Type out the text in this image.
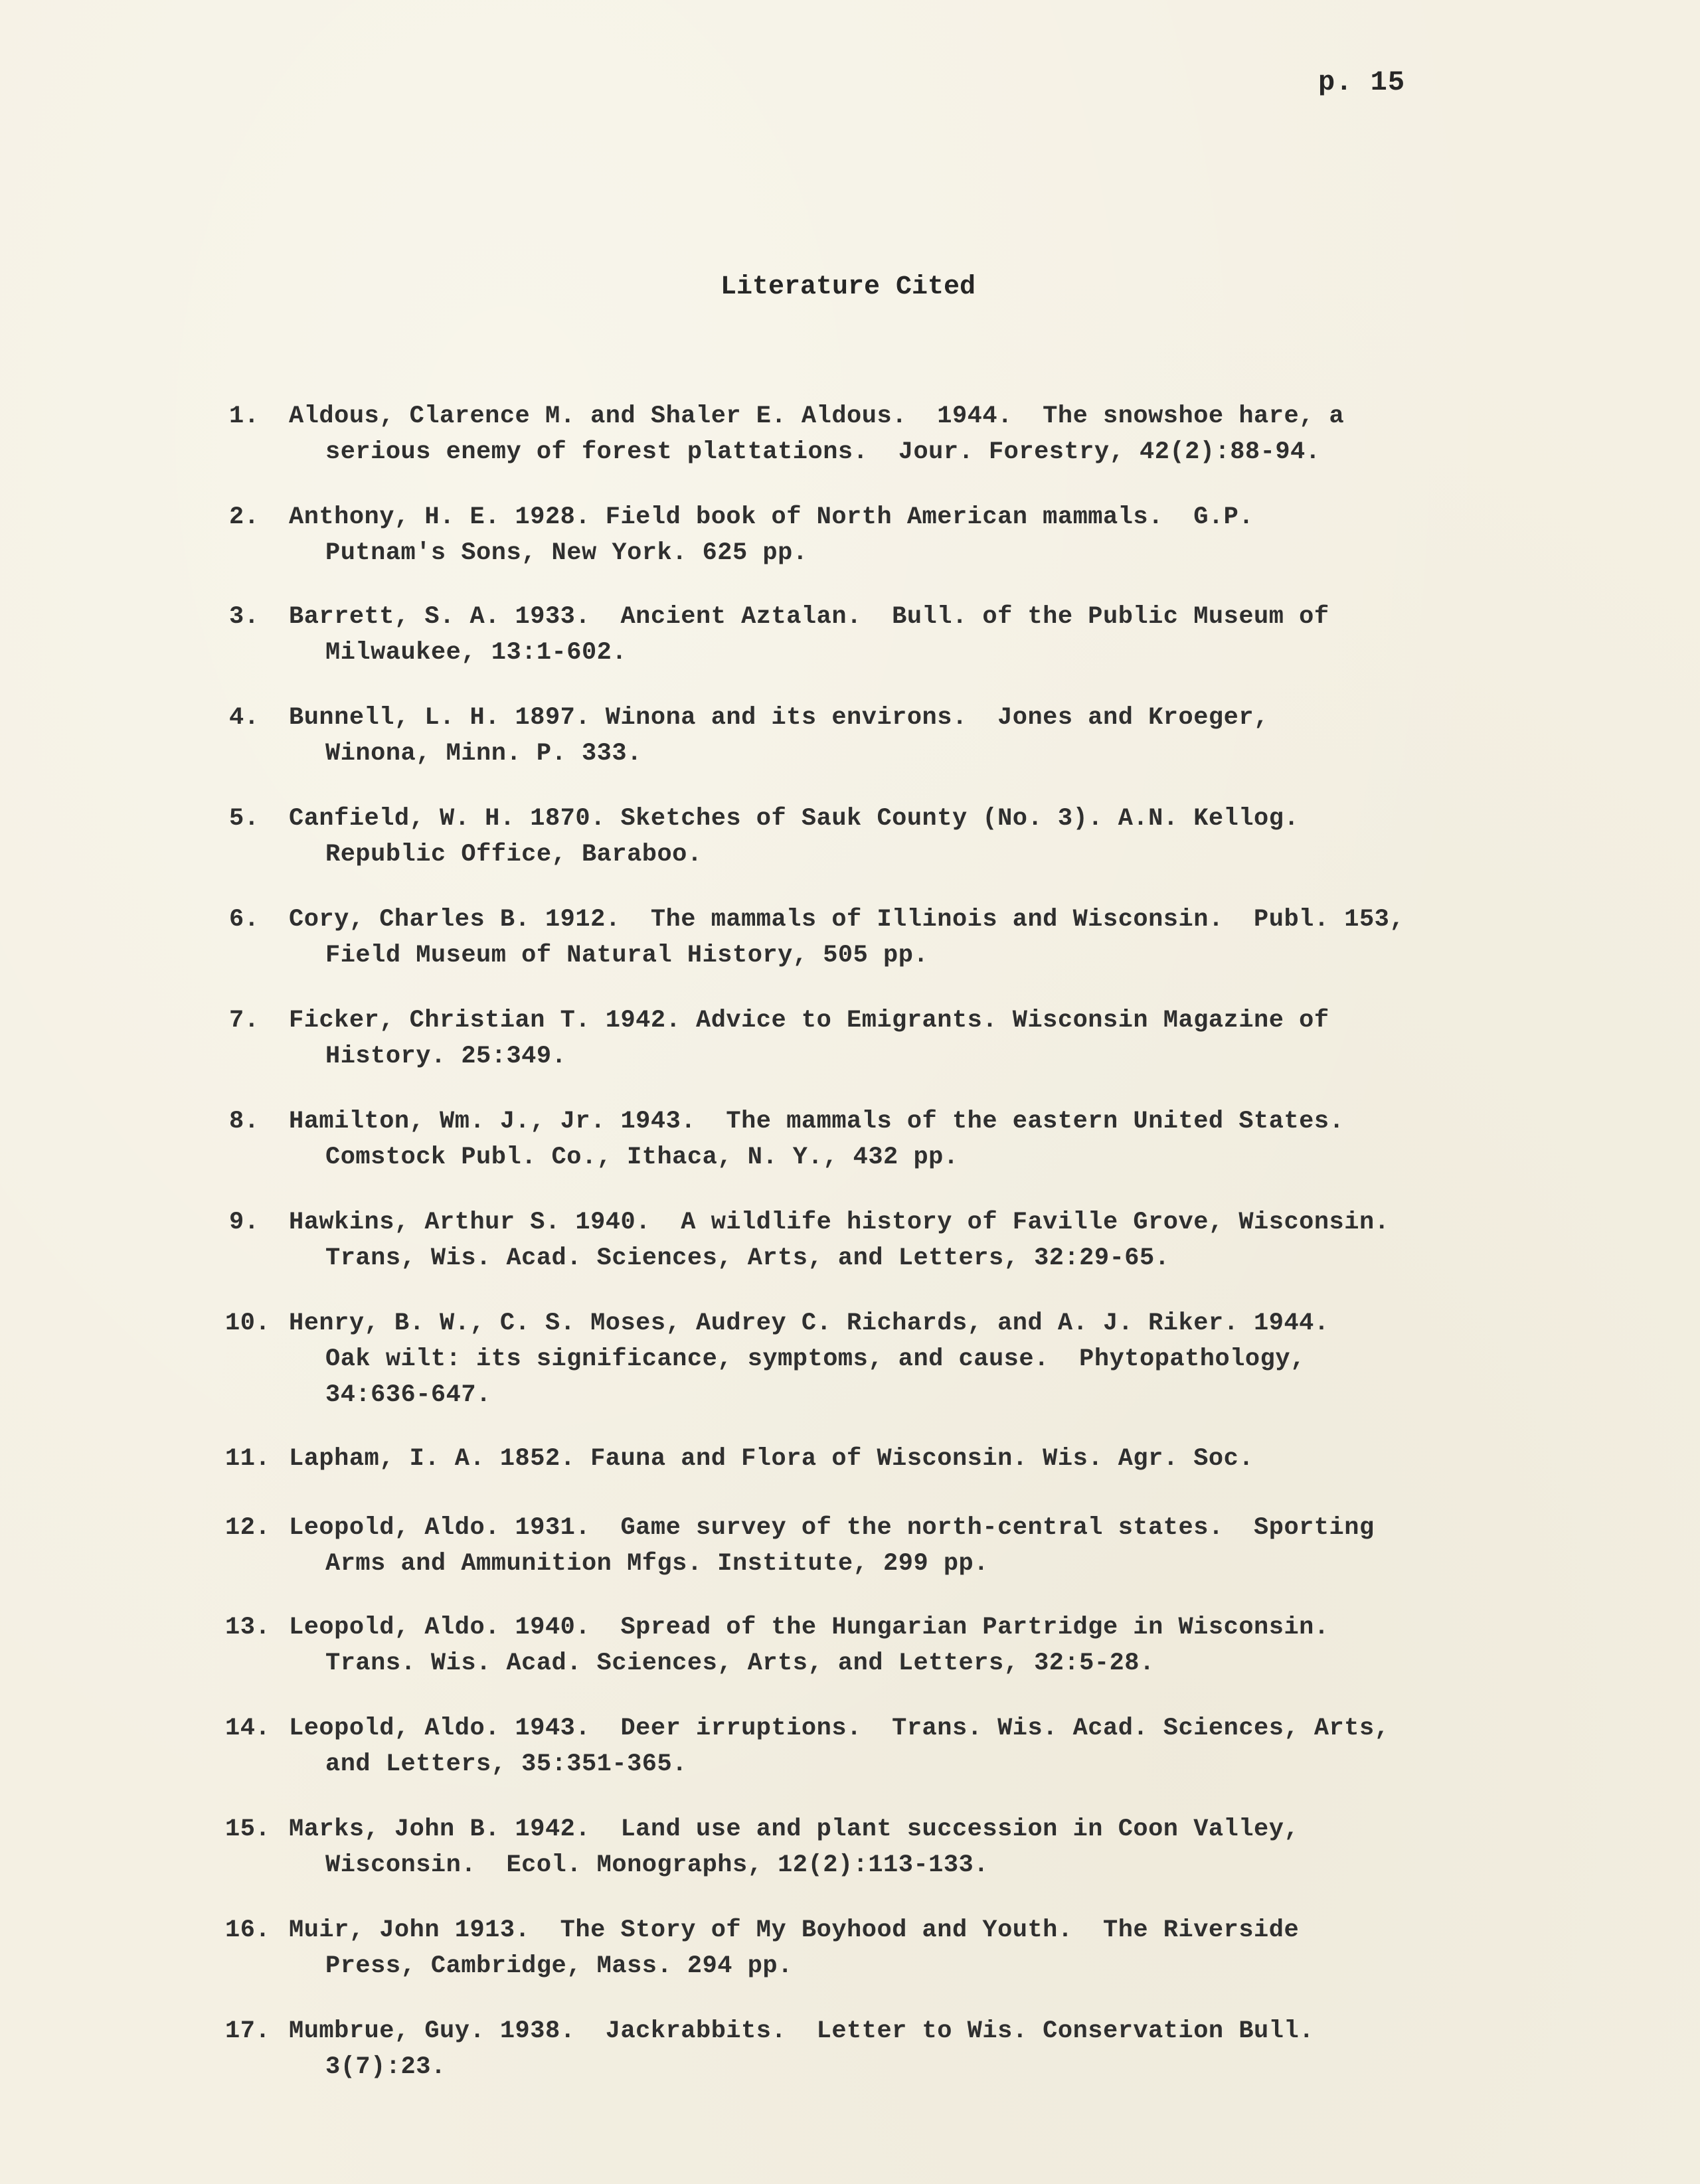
p. 15
Literature Cited
1.	Aldous, Clarence M. and Shaler E. Aldous.  1944.  The snowshoe hare, a
serious enemy of forest plattations.  Jour. Forestry, 42(2):88-94.
2.	Anthony, H. E. 1928. Field book of North American mammals.  G.P.
Putnam's Sons, New York. 625 pp.
3.	Barrett, S. A. 1933.  Ancient Aztalan.  Bull. of the Public Museum of
Milwaukee, 13:1-602.
4.	Bunnell, L. H. 1897. Winona and its environs.  Jones and Kroeger,
Winona, Minn. P. 333.
5.	Canfield, W. H. 1870. Sketches of Sauk County (No. 3). A.N. Kellog.
Republic Office, Baraboo.
6.	Cory, Charles B. 1912.  The mammals of Illinois and Wisconsin.  Publ. 153,
Field Museum of Natural History, 505 pp.
7.	Ficker, Christian T. 1942. Advice to Emigrants. Wisconsin Magazine of
History. 25:349.
8.	Hamilton, Wm. J., Jr. 1943.  The mammals of the eastern United States.
Comstock Publ. Co., Ithaca, N. Y., 432 pp.
9.	Hawkins, Arthur S. 1940.  A wildlife history of Faville Grove, Wisconsin.
Trans, Wis. Acad. Sciences, Arts, and Letters, 32:29-65.
10. Henry, B. W., C. S. Moses, Audrey C. Richards, and A. J. Riker. 1944.
Oak wilt: its significance, symptoms, and cause.  Phytopathology,
34:636-647.
11. Lapham, I. A. 1852. Fauna and Flora of Wisconsin. Wis. Agr. Soc.
12. Leopold, Aldo. 1931.  Game survey of the north-central states.  Sporting
Arms and Ammunition Mfgs. Institute, 299 pp.
13. Leopold, Aldo. 1940.  Spread of the Hungarian Partridge in Wisconsin.
Trans. Wis. Acad. Sciences, Arts, and Letters, 32:5-28.
14. Leopold, Aldo. 1943.  Deer irruptions.  Trans. Wis. Acad. Sciences, Arts,
and Letters, 35:351-365.
15. Marks, John B. 1942.  Land use and plant succession in Coon Valley,
Wisconsin.  Ecol. Monographs, 12(2):113-133.
16. Muir, John 1913.  The Story of My Boyhood and Youth.  The Riverside
Press, Cambridge, Mass. 294 pp.
17. Mumbrue, Guy. 1938.  Jackrabbits.  Letter to Wis. Conservation Bull.
3(7):23.
